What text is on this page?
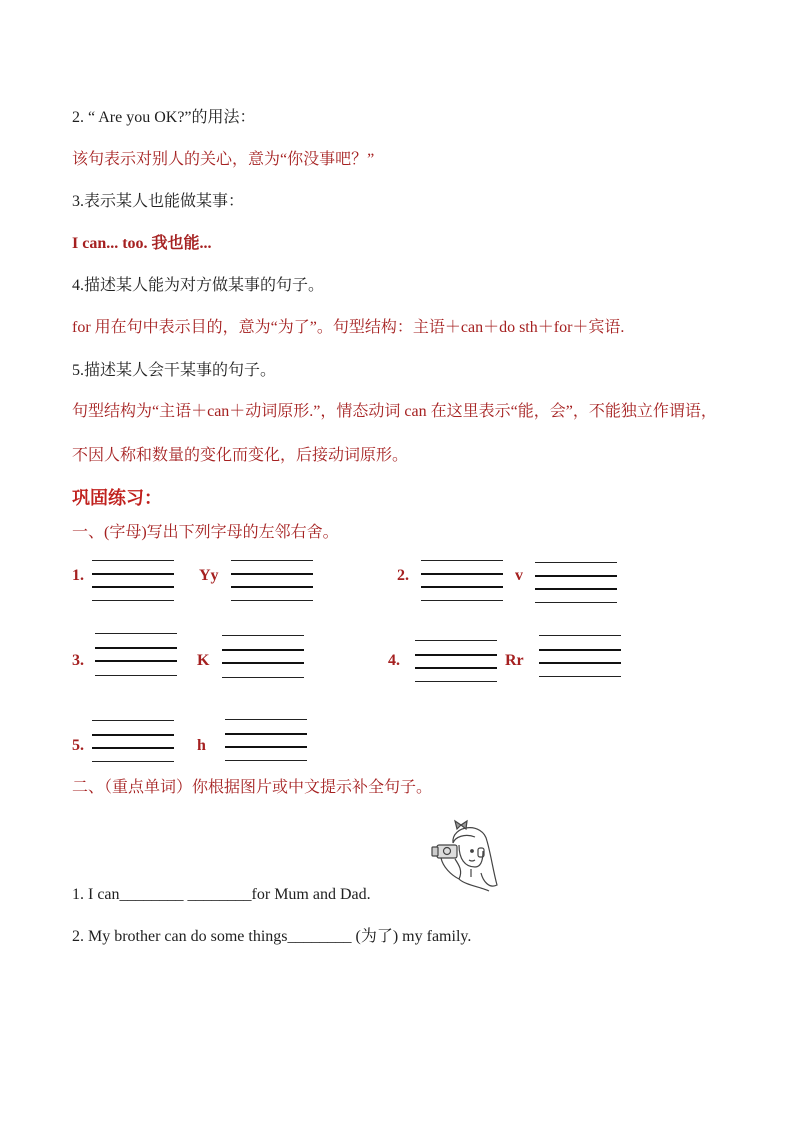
2. “ Are you OK?”的用法：
该句表示对别人的关心，意为“你没事吧？”
3.表示某人也能做某事：
I can... too. 我也能...
4.描述某人能为对方做某事的句子。
for 用在句中表示目的，意为“为了”。句型结构：主语＋can＋do sth＋for＋宾语.
5.描述某人会干某事的句子。
句型结构为“主语＋can＋动词原形.”，情态动词 can 在这里表示“能，会”，不能独立作谓语，不因人称和数量的变化而变化，后接动词原形。
巩固练习：
一、(字母)写出下列字母的左邻右舍。
1.	Yy	2.	v
3.	K	4.	Rr
5.	h
二、（重点单词）你根据图片或中文提示补全句子。
1. I can________ ________for Mum and Dad.
2. My brother can do some things________ (为了) my family.
